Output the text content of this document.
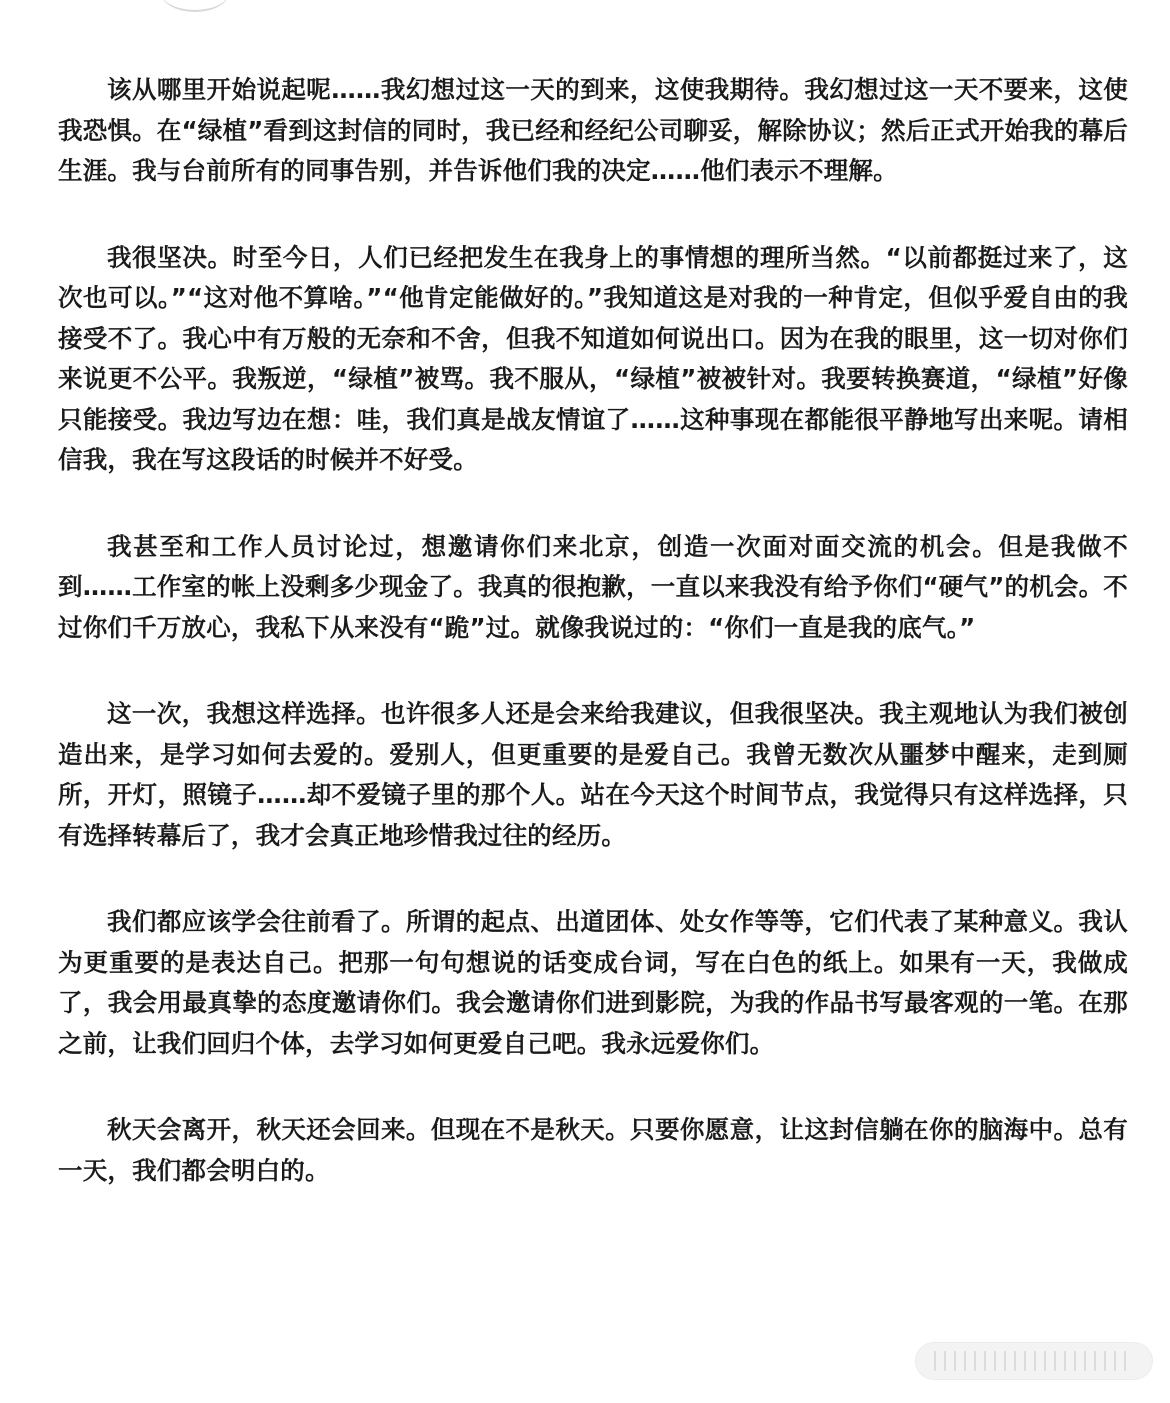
该从哪里开始说起呢……我幻想过这一天的到来，这使我期待。我幻想过这一天不要来，这使我恐惧。在“绿植”看到这封信的同时，我已经和经纪公司聊妥，解除协议；然后正式开始我的幕后生涯。我与台前所有的同事告别，并告诉他们我的决定……他们表示不理解。

我很坚决。时至今日，人们已经把发生在我身上的事情想的理所当然。“以前都挺过来了，这次也可以。”“这对他不算啥。”“他肯定能做好的。”我知道这是对我的一种肯定，但似乎爱自由的我接受不了。我心中有万般的无奈和不舍，但我不知道如何说出口。因为在我的眼里，这一切对你们来说更不公平。我叛逆，“绿植”被骂。我不服从，“绿植”被被针对。我要转换赛道，“绿植”好像只能接受。我边写边在想：哇，我们真是战友情谊了……这种事现在都能很平静地写出来呢。请相信我，我在写这段话的时候并不好受。

我甚至和工作人员讨论过，想邀请你们来北京，创造一次面对面交流的机会。但是我做不到……工作室的帐上没剩多少现金了。我真的很抱歉，一直以来我没有给予你们“硬气”的机会。不过你们千万放心，我私下从来没有“跪”过。就像我说过的：“你们一直是我的底气。”

这一次，我想这样选择。也许很多人还是会来给我建议，但我很坚决。我主观地认为我们被创造出来，是学习如何去爱的。爱别人，但更重要的是爱自己。我曾无数次从噩梦中醒来，走到厕所，开灯，照镜子……却不爱镜子里的那个人。站在今天这个时间节点，我觉得只有这样选择，只有选择转幕后了，我才会真正地珍惜我过往的经历。

我们都应该学会往前看了。所谓的起点、出道团体、处女作等等，它们代表了某种意义。我认为更重要的是表达自己。把那一句句想说的话变成台词，写在白色的纸上。如果有一天，我做成了，我会用最真挚的态度邀请你们。我会邀请你们进到影院，为我的作品书写最客观的一笔。在那之前，让我们回归个体，去学习如何更爱自己吧。我永远爱你们。

秋天会离开，秋天还会回来。但现在不是秋天。只要你愿意，让这封信躺在你的脑海中。总有一天，我们都会明白的。
